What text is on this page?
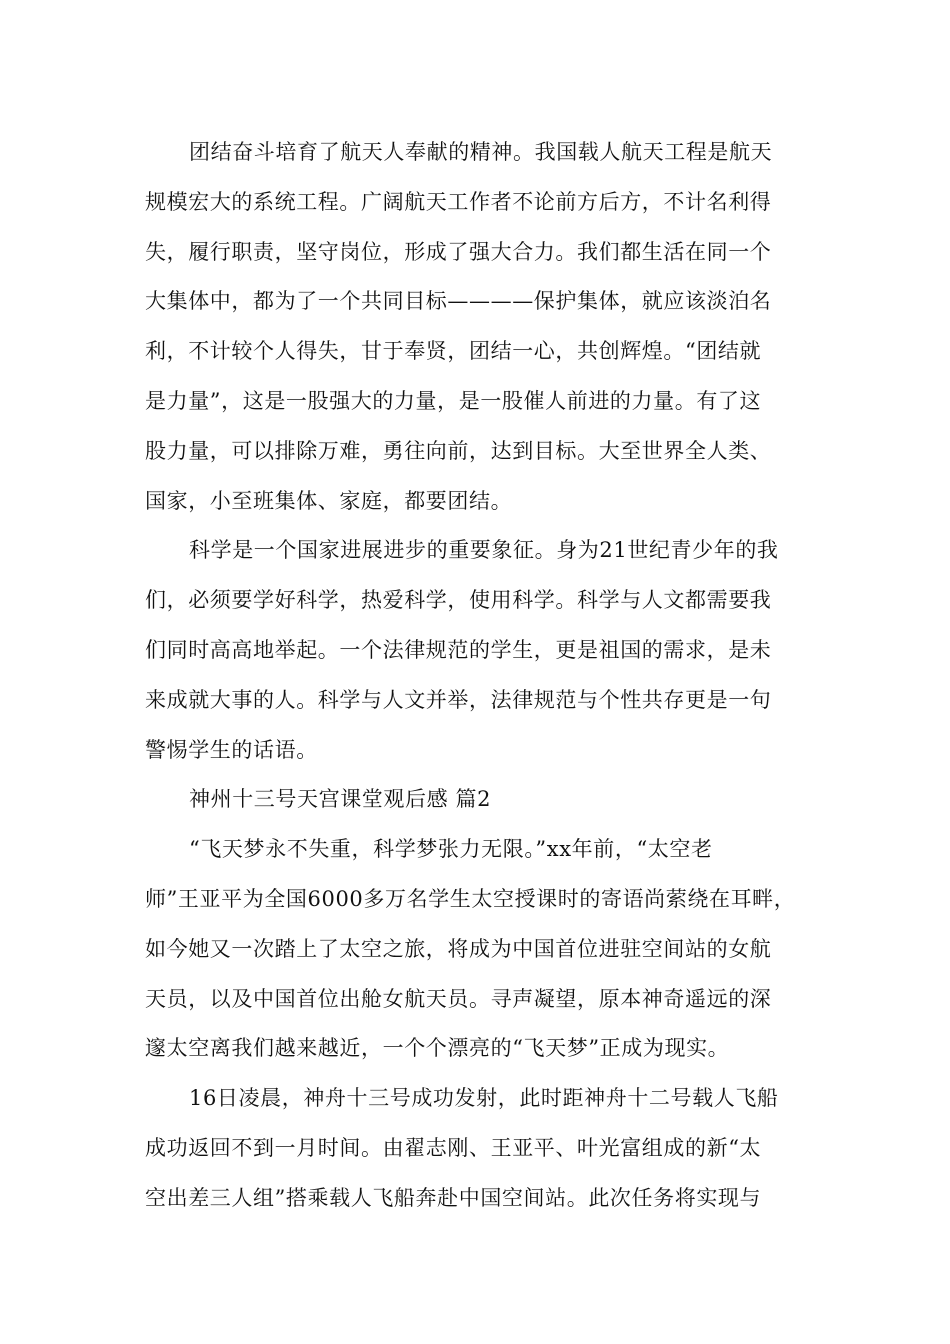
团结奋斗培育了航天人奉献的精神。我国载人航天工程是航天
规模宏大的系统工程。广阔航天工作者不论前方后方，不计名利得
失，履行职责，坚守岗位，形成了强大合力。我们都生活在同一个
大集体中，都为了一个共同目标————保护集体，就应该淡泊名
利，不计较个人得失，甘于奉贤，团结一心，共创辉煌。“团结就
是力量”，这是一股强大的力量，是一股催人前进的力量。有了这
股力量，可以排除万难，勇往向前，达到目标。大至世界全人类、
国家，小至班集体、家庭，都要团结。
科学是一个国家进展进步的重要象征。身为21世纪青少年的我
们，必须要学好科学，热爱科学，使用科学。科学与人文都需要我
们同时高高地举起。一个法律规范的学生，更是祖国的需求，是未
来成就大事的人。科学与人文并举，法律规范与个性共存更是一句
警惕学生的话语。
神州十三号天宫课堂观后感 篇2
“飞天梦永不失重，科学梦张力无限。”xx年前，“太空老
师”王亚平为全国6000多万名学生太空授课时的寄语尚萦绕在耳畔，
如今她又一次踏上了太空之旅，将成为中国首位进驻空间站的女航
天员，以及中国首位出舱女航天员。寻声凝望，原本神奇遥远的深
邃太空离我们越来越近，一个个漂亮的“飞天梦”正成为现实。
16日凌晨，神舟十三号成功发射，此时距神舟十二号载人飞船
成功返回不到一月时间。由翟志刚、王亚平、叶光富组成的新“太
空出差三人组”搭乘载人飞船奔赴中国空间站。此次任务将实现与
